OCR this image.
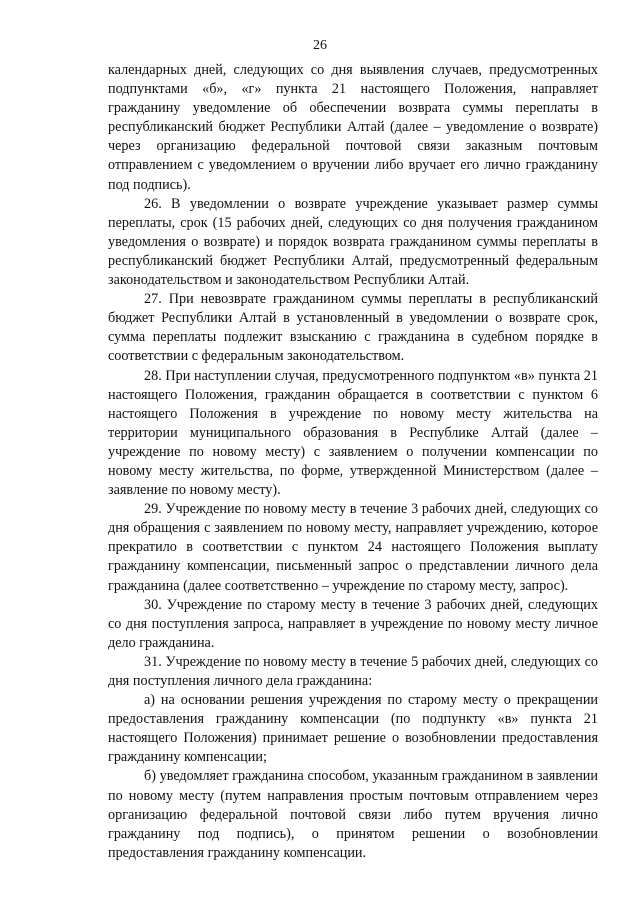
26

календарных дней, следующих со дня выявления случаев, предусмотренных подпунктами «б», «г» пункта 21 настоящего Положения, направляет гражданину уведомление об обеспечении возврата суммы переплаты в республиканский бюджет Республики Алтай (далее – уведомление о возврате) через организацию федеральной почтовой связи заказным почтовым отправлением с уведомлением о вручении либо вручает его лично гражданину под подпись).

26. В уведомлении о возврате учреждение указывает размер суммы переплаты, срок (15 рабочих дней, следующих со дня получения гражданином уведомления о возврате) и порядок возврата гражданином суммы переплаты в республиканский бюджет Республики Алтай, предусмотренный федеральным законодательством и законодательством Республики Алтай.

27. При невозврате гражданином суммы переплаты в республиканский бюджет Республики Алтай в установленный в уведомлении о возврате срок, сумма переплаты подлежит взысканию с гражданина в судебном порядке в соответствии с федеральным законодательством.

28. При наступлении случая, предусмотренного подпунктом «в» пункта 21 настоящего Положения, гражданин обращается в соответствии с пунктом 6 настоящего Положения в учреждение по новому месту жительства на территории муниципального образования в Республике Алтай (далее – учреждение по новому месту) с заявлением о получении компенсации по новому месту жительства, по форме, утвержденной Министерством (далее – заявление по новому месту).

29. Учреждение по новому месту в течение 3 рабочих дней, следующих со дня обращения с заявлением по новому месту, направляет учреждению, которое прекратило в соответствии с пунктом 24 настоящего Положения выплату гражданину компенсации, письменный запрос о представлении личного дела гражданина (далее соответственно – учреждение по старому месту, запрос).

30. Учреждение по старому месту в течение 3 рабочих дней, следующих со дня поступления запроса, направляет в учреждение по новому месту личное дело гражданина.

31. Учреждение по новому месту в течение 5 рабочих дней, следующих со дня поступления личного дела гражданина:

а) на основании решения учреждения по старому месту о прекращении предоставления гражданину компенсации (по подпункту «в» пункта 21 настоящего Положения) принимает решение о возобновлении предоставления гражданину компенсации;

б) уведомляет гражданина способом, указанным гражданином в заявлении по новому месту (путем направления простым почтовым отправлением через организацию федеральной почтовой связи либо путем вручения лично гражданину под подпись), о принятом решении о возобновлении предоставления гражданину компенсации.
